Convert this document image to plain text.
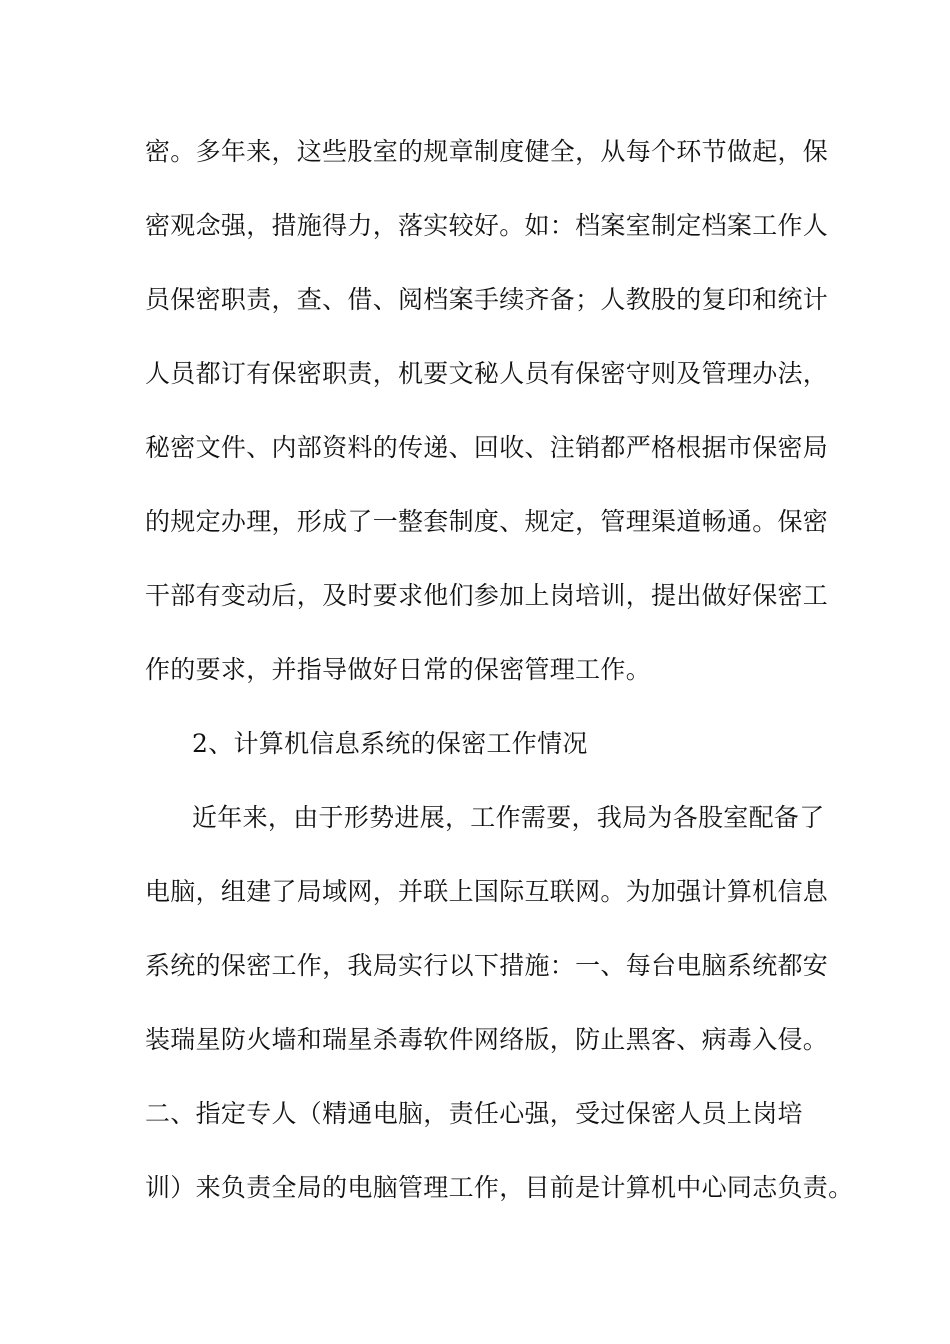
密。多年来，这些股室的规章制度健全，从每个环节做起，保
密观念强，措施得力，落实较好。如：档案室制定档案工作人
员保密职责，查、借、阅档案手续齐备；人教股的复印和统计
人员都订有保密职责，机要文秘人员有保密守则及管理办法，
秘密文件、内部资料的传递、回收、注销都严格根据市保密局
的规定办理，形成了一整套制度、规定，管理渠道畅通。保密
干部有变动后，及时要求他们参加上岗培训，提出做好保密工
作的要求，并指导做好日常的保密管理工作。
2、计算机信息系统的保密工作情况
近年来，由于形势进展，工作需要，我局为各股室配备了
电脑，组建了局域网，并联上国际互联网。为加强计算机信息
系统的保密工作，我局实行以下措施：一、每台电脑系统都安
装瑞星防火墙和瑞星杀毒软件网络版，防止黑客、病毒入侵。
二、指定专人（精通电脑，责任心强，受过保密人员上岗培
训）来负责全局的电脑管理工作，目前是计算机中心同志负责。
